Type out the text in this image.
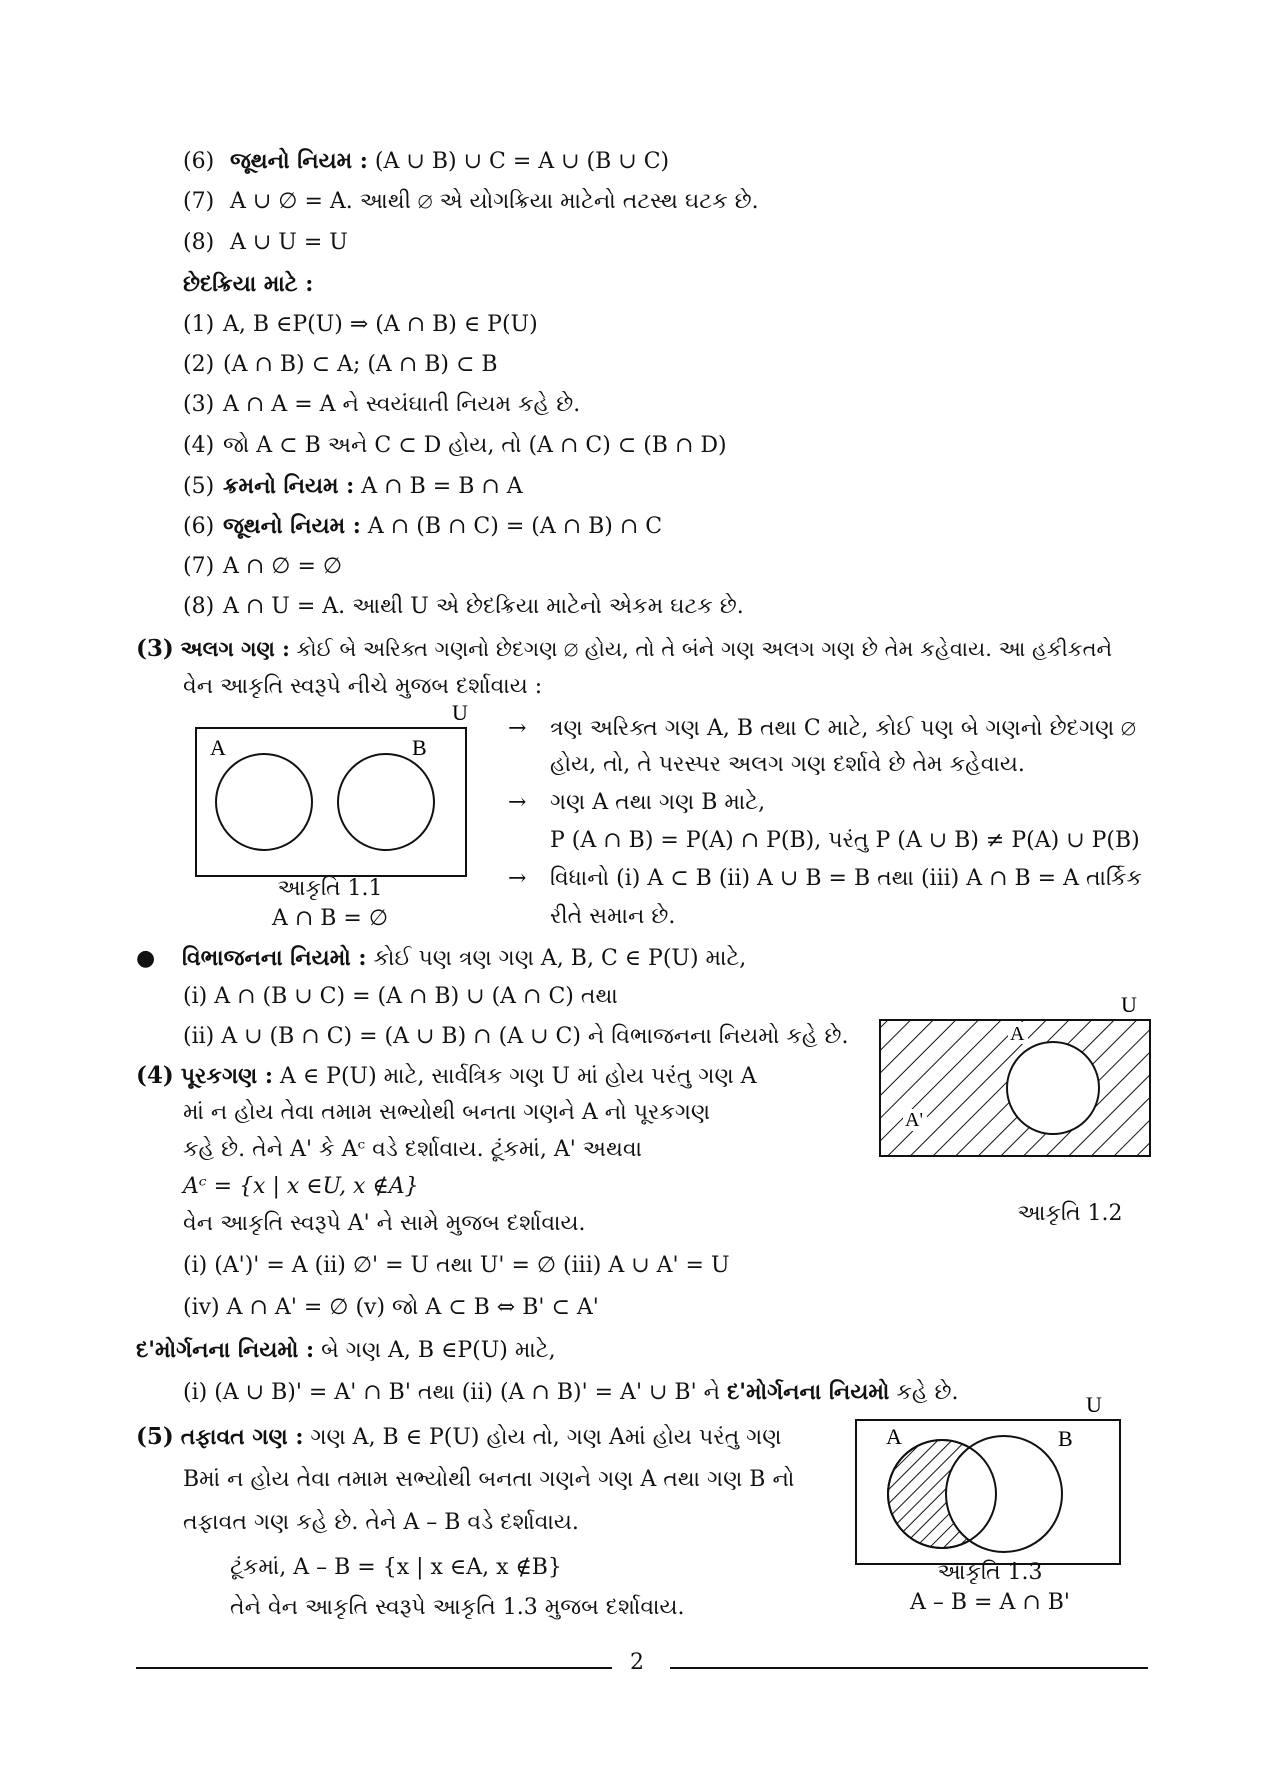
(6) જૂથનો નિયમ : (A ∪ B) ∪ C = A ∪ (B ∪ C)
(7) A ∪ ∅ = A. આથી ∅ એ યોગક્રિયા માટેનો તટસ્થ ઘટક છે.
(8) A ∪ U = U
છેદક્રિયા માટે :
(1) A, B ∈P(U) ⇒ (A ∩ B) ∈ P(U)
(2) (A ∩ B) ⊂ A; (A ∩ B) ⊂ B
(3) A ∩ A = A ને સ્વયંઘાતી નિયમ કહે છે.
(4) જો A ⊂ B અને C ⊂ D હોય, તો (A ∩ C) ⊂ (B ∩ D)
(5) ક્રમનો નિયમ : A ∩ B = B ∩ A
(6) જૂથનો નિયમ : A ∩ (B ∩ C) = (A ∩ B) ∩ C
(7) A ∩ ∅ = ∅
(8) A ∩ U = A. આથી U એ છેદક્રિયા માટેનો એકમ ઘટક છે.
(3) અલગ ગણ : કોઈ બે અરિક્ત ગણનો છેદગણ ∅ હોય, તો તે બંને ગણ અલગ ગણ છે તેમ કહેવાય. આ હકીકતને
વેન આકૃતિ સ્વરૂપે નીચે મુજબ દર્શાવાય :
U
A	B
આકૃતિ 1.1
A ∩ B = ∅
→ ત્રણ અરિક્ત ગણ A, B તથા C માટે, કોઈ પણ બે ગણનો છેદગણ ∅
હોય, તો, તે પરસ્પર અલગ ગણ દર્શાવે છે તેમ કહેવાય.
→ ગણ A તથા ગણ B માટે,
P (A ∩ B) = P(A) ∩ P(B), પરંતુ P (A ∪ B) ≠ P(A) ∪ P(B)
→ વિધાનો (i) A ⊂ B (ii) A ∪ B = B તથા (iii) A ∩ B = A તાર્કિક
રીતે સમાન છે.
● વિભાજનના નિયમો : કોઈ પણ ત્રણ ગણ A, B, C ∈ P(U) માટે,
(i) A ∩ (B ∪ C) = (A ∩ B) ∪ (A ∩ C) તથા
(ii) A ∪ (B ∩ C) = (A ∪ B) ∩ (A ∪ C) ને વિભાજનના નિયમો કહે છે.
(4) પૂરકગણ : A ∈ P(U) માટે, સાર્વત્રિક ગણ U માં હોય પરંતુ ગણ A
માં ન હોય તેવા તમામ સભ્યોથી બનતા ગણને A નો પૂરકગણ
કહે છે. તેને A' કે Aᶜ વડે દર્શાવાય. ટૂંકમાં, A' અથવા
Aᶜ = {x | x ∈U, x ∉A}
વેન આકૃતિ સ્વરૂપે A' ને સામે મુજબ દર્શાવાય.
(i) (A')' = A (ii) ∅' = U તથા U' = ∅ (iii) A ∪ A' = U
(iv) A ∩ A' = ∅ (v) જો A ⊂ B ⇔ B' ⊂ A'
U
A
A'
આકૃતિ 1.2
દ'મોર્ગનના નિયમો : બે ગણ A, B ∈P(U) માટે,
(i) (A ∪ B)' = A' ∩ B' તથા (ii) (A ∩ B)' = A' ∪ B' ને દ'મોર્ગનના નિયમો કહે છે.
(5) તફાવત ગણ : ગણ A, B ∈ P(U) હોય તો, ગણ Aમાં હોય પરંતુ ગણ
Bમાં ન હોય તેવા તમામ સભ્યોથી બનતા ગણને ગણ A તથા ગણ B નો
તફાવત ગણ કહે છે. તેને A – B વડે દર્શાવાય.
ટૂંકમાં, A – B = {x | x ∈A, x ∉B}
તેને વેન આકૃતિ સ્વરૂપે આકૃતિ 1.3 મુજબ દર્શાવાય.
U
A	B
આકૃતિ 1.3
A – B = A ∩ B'
2
